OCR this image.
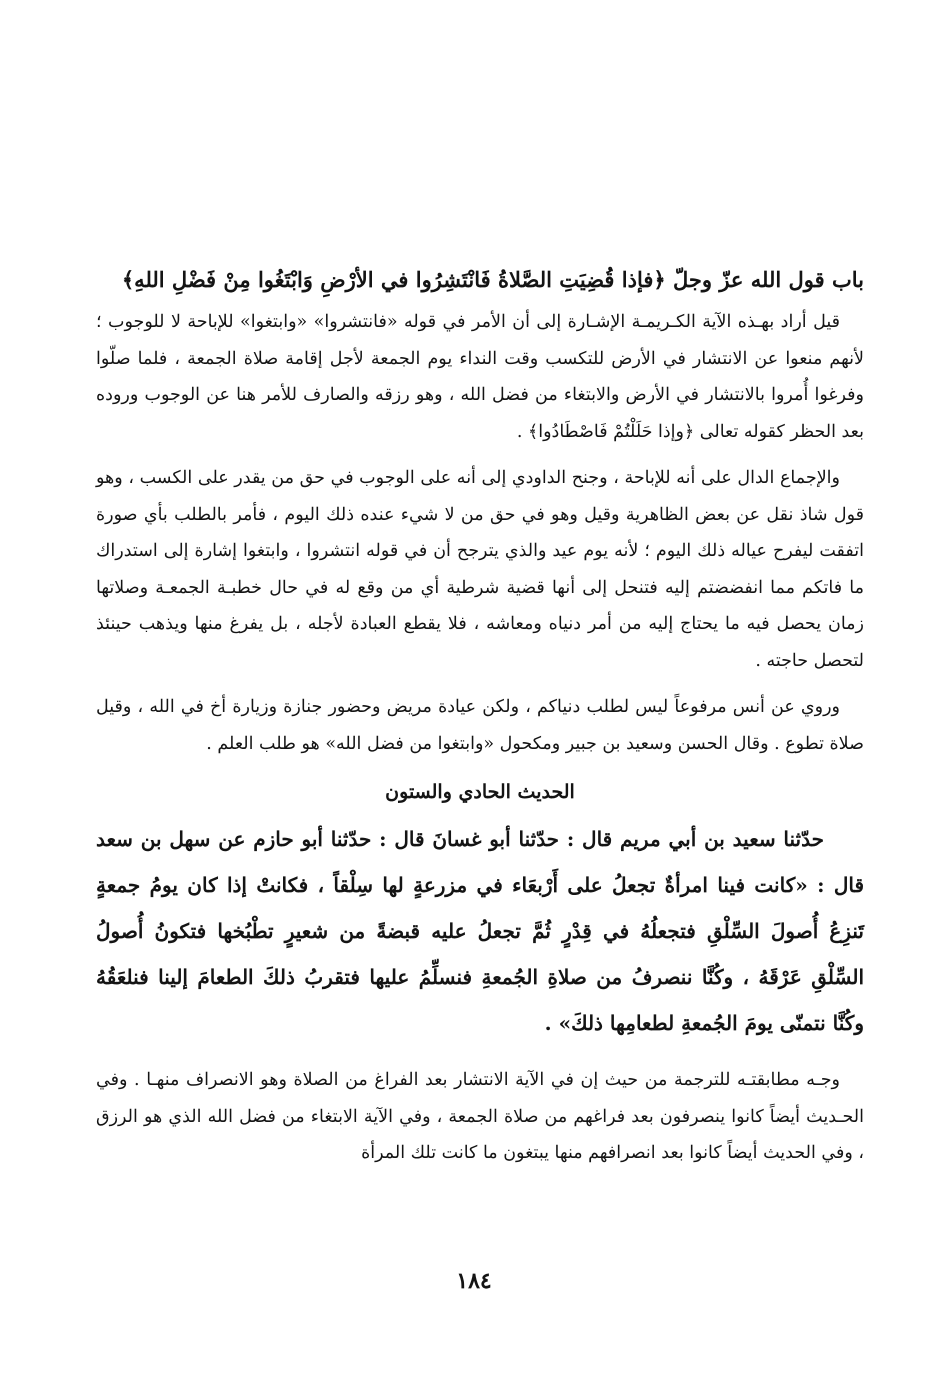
باب قول الله عزّ وجلّ ﴿فإذا قُضِيَتِ الصَّلاةُ فَانْتَشِرُوا في الأرْضِ وَابْتَغُوا مِنْ فَضْلِ اللهِ﴾

قيل أراد بهـذه الآية الكـريمـة الإشـارة إلى أن الأمر في قوله «فانتشروا» «وابتغوا» للإباحة لا للوجوب ؛ لأنهم منعوا عن الانتشار في الأرض للتكسب وقت النداء يوم الجمعة لأجل إقامة صلاة الجمعة ، فلما صلّوا وفرغوا أُمروا بالانتشار في الأرض والابتغاء من فضل الله ، وهو رزقه والصارف للأمر هنا عن الوجوب وروده بعد الحظر كقوله تعالى ﴿وإذا حَلَلْتُمْ فَاصْطَادُوا﴾ .

والإجماع الدال على أنه للإباحة ، وجنح الداودي إلى أنه على الوجوب في حق من يقدر على الكسب ، وهو قول شاذ نقل عن بعض الظاهرية وقيل وهو في حق من لا شيء عنده ذلك اليوم ، فأمر بالطلب بأي صورة اتفقت ليفرح عياله ذلك اليوم ؛ لأنه يوم عيد والذي يترجح أن في قوله انتشروا ، وابتغوا إشارة إلى استدراك ما فاتكم مما انفضضتم إليه فتنحل إلى أنها قضية شرطية أي من وقع له في حال خطبـة الجمعـة وصلاتها زمان يحصل فيه ما يحتاج إليه من أمر دنياه ومعاشه ، فلا يقطع العبادة لأجله ، بل يفرغ منها ويذهب حينئذ لتحصل حاجته .

وروي عن أنس مرفوعاً ليس لطلب دنياكم ، ولكن عيادة مريض وحضور جنازة وزيارة أخ في الله ، وقيل صلاة تطوع . وقال الحسن وسعيد بن جبير ومكحول «وابتغوا من فضل الله» هو طلب العلم .

الحديث الحادي والستون

حدّثنا سعيد بن أبي مريم قال : حدّثنا أبو غسانَ قال : حدّثنا أبو حازم عن سهل بن سعد قال : «كانت فينا امرأةٌ تجعلُ على أَرْبعَاء في مزرعةٍ لها سِلْقاً ، فكانتْ إذا كان يومُ جمعةٍ تَنزِعُ أُصولَ السِّلْقِ فتجعلُهُ في قِدْرٍ ثُمَّ تجعلُ عليه قبضةً من شعيرٍ تطْبُخها فتكونُ أُصولُ السِّلْقِ عَرْقَهُ ، وكُنَّا ننصرفُ من صلاةِ الجُمعةِ فنسلِّمُ عليها فتقربُ ذلكَ الطعامَ إلينا فنلعَقُهُ وكُنَّا نتمنّى يومَ الجُمعةِ لطعامِها ذلكَ» .

وجـه مطابقتـه للترجمة من حيث إن في الآية الانتشار بعد الفراغ من الصلاة وهو الانصراف منهـا . وفي الحـديث أيضاً كانوا ينصرفون بعد فراغهم من صلاة الجمعة ، وفي الآية الابتغاء من فضل الله الذي هو الرزق ، وفي الحديث أيضاً كانوا بعد انصرافهم منها يبتغون ما كانت تلك المرأة

١٨٤
